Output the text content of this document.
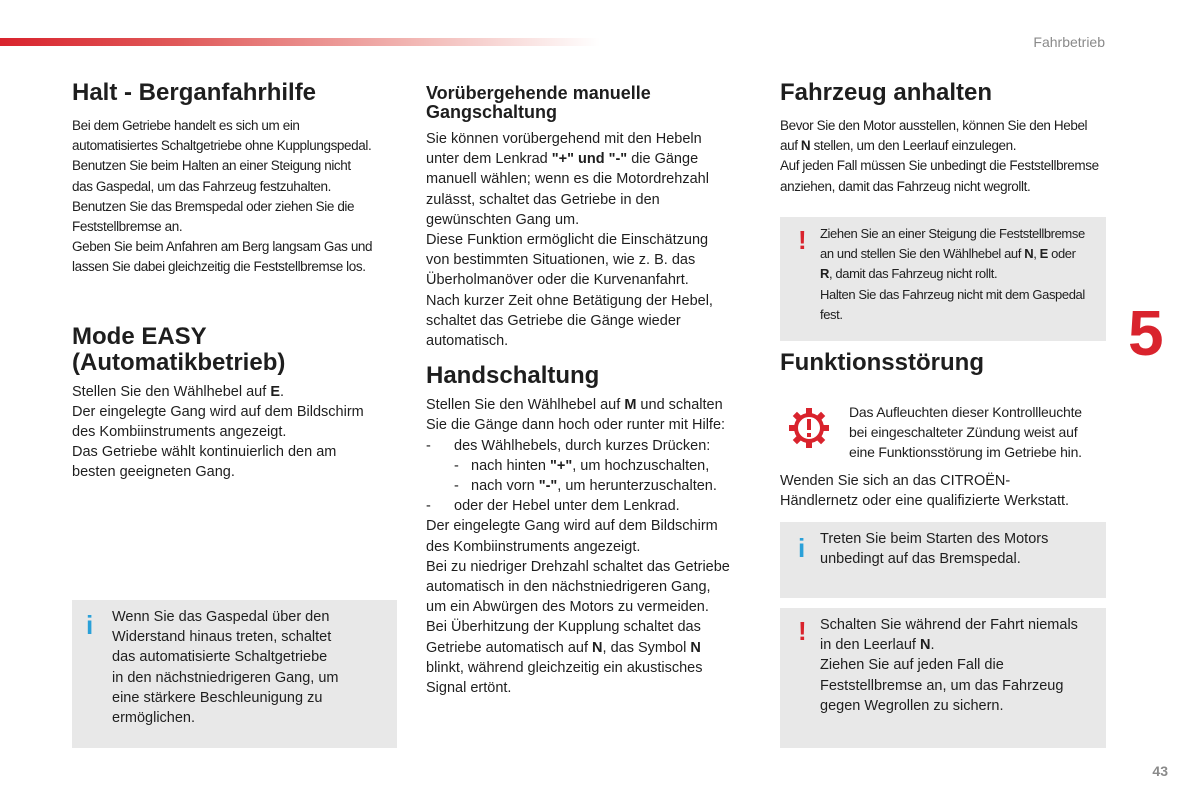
Fahrbetrieb
5
43
Halt - Berganfahrhilfe
Bei dem Getriebe handelt es sich um ein
automatisiertes Schaltgetriebe ohne Kupplungspedal.
Benutzen Sie beim Halten an einer Steigung nicht
das Gaspedal, um das Fahrzeug festzuhalten.
Benutzen Sie das Bremspedal oder ziehen Sie die
Feststellbremse an.
Geben Sie beim Anfahren am Berg langsam Gas und
lassen Sie dabei gleichzeitig die Feststellbremse los.
Mode EASY
(Automatikbetrieb)
Stellen Sie den Wählhebel auf E.
Der eingelegte Gang wird auf dem Bildschirm
des Kombiinstruments angezeigt.
Das Getriebe wählt kontinuierlich den am
besten geeigneten Gang.
i Wenn Sie das Gaspedal über den
Widerstand hinaus treten, schaltet
das automatisierte Schaltgetriebe
in den nächstniedrigeren Gang, um
eine stärkere Beschleunigung zu
ermöglichen.
Vorübergehende manuelle
Gangschaltung
Sie können vorübergehend mit den Hebeln
unter dem Lenkrad "+" und "-" die Gänge
manuell wählen; wenn es die Motordrehzahl
zulässt, schaltet das Getriebe in den
gewünschten Gang um.
Diese Funktion ermöglicht die Einschätzung
von bestimmten Situationen, wie z. B. das
Überholmanöver oder die Kurvenanfahrt.
Nach kurzer Zeit ohne Betätigung der Hebel,
schaltet das Getriebe die Gänge wieder
automatisch.
Handschaltung
Stellen Sie den Wählhebel auf M und schalten
Sie die Gänge dann hoch oder runter mit Hilfe:
- des Wählhebels, durch kurzes Drücken:
- nach hinten "+", um hochzuschalten,
- nach vorn "-", um herunterzuschalten.
- oder der Hebel unter dem Lenkrad.
Der eingelegte Gang wird auf dem Bildschirm
des Kombiinstruments angezeigt.
Bei zu niedriger Drehzahl schaltet das Getriebe
automatisch in den nächstniedrigeren Gang,
um ein Abwürgen des Motors zu vermeiden.
Bei Überhitzung der Kupplung schaltet das
Getriebe automatisch auf N, das Symbol N
blinkt, während gleichzeitig ein akustisches
Signal ertönt.
Fahrzeug anhalten
Bevor Sie den Motor ausstellen, können Sie den Hebel
auf N stellen, um den Leerlauf einzulegen.
Auf jeden Fall müssen Sie unbedingt die Feststellbremse
anziehen, damit das Fahrzeug nicht wegrollt.
! Ziehen Sie an einer Steigung die Feststellbremse
an und stellen Sie den Wählhebel auf N, E oder
R, damit das Fahrzeug nicht rollt.
Halten Sie das Fahrzeug nicht mit dem Gaspedal
fest.
Funktionsstörung
Das Aufleuchten dieser Kontrollleuchte
bei eingeschalteter Zündung weist auf
eine Funktionsstörung im Getriebe hin.
Wenden Sie sich an das CITROËN-
Händlernetz oder eine qualifizierte Werkstatt.
i Treten Sie beim Starten des Motors
unbedingt auf das Bremspedal.
! Schalten Sie während der Fahrt niemals
in den Leerlauf N.
Ziehen Sie auf jeden Fall die
Feststellbremse an, um das Fahrzeug
gegen Wegrollen zu sichern.
